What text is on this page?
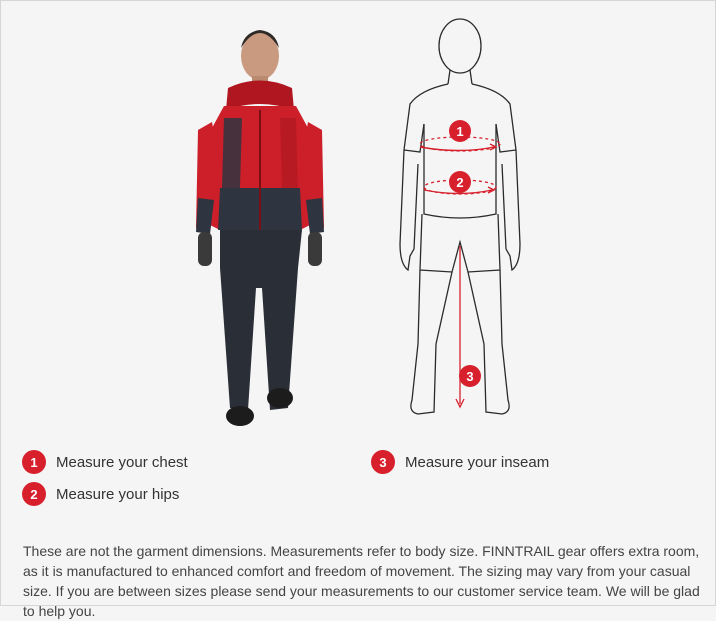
1
2
3
1	Measure your chest
2	Measure your hips
3	Measure your inseam

These are not the garment dimensions. Measurements refer to body size. FINNTRAIL gear offers extra room, as it is manufactured to enhanced comfort and freedom of movement. The sizing may vary from your casual size. If you are between sizes please send your measurements to our customer service team. We will be glad to help you.
